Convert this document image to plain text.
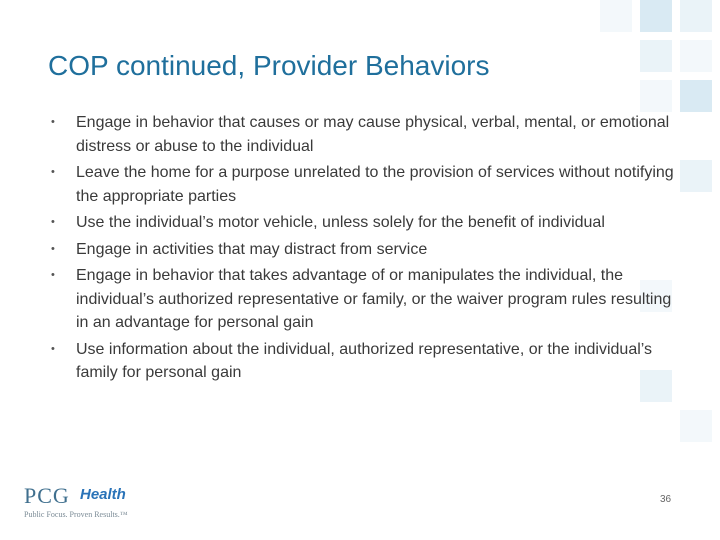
COP continued, Provider Behaviors
• Engage in behavior that causes or may cause physical, verbal, mental, or emotional distress or abuse to the individual
• Leave the home for a purpose unrelated to the provision of services without notifying the appropriate parties
• Use the individual’s motor vehicle, unless solely for the benefit of individual
• Engage in activities that may distract from service
• Engage in behavior that takes advantage of or manipulates the individual, the individual’s authorized representative or family, or the waiver program rules resulting in an advantage for personal gain
• Use information about the individual, authorized representative, or the individual’s family for personal gain
PCG Health
Public Focus. Proven Results.™
36
